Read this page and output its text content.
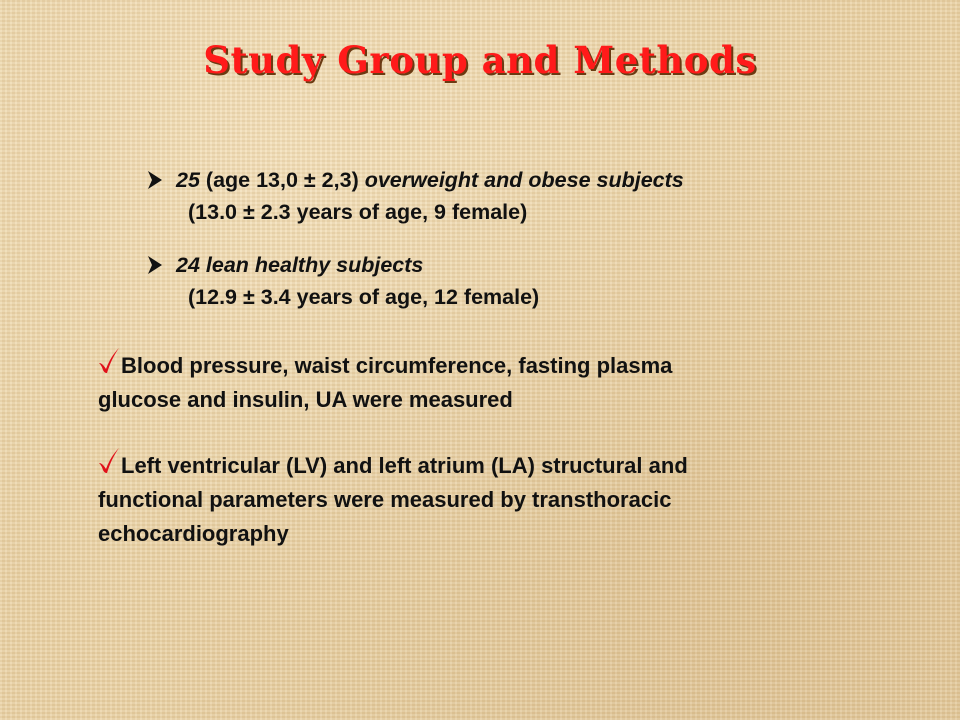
Study Group and Methods

25 (age 13,0 ± 2,3) overweight and obese subjects
(13.0 ± 2.3 years of age, 9 female)

24 lean healthy subjects
(12.9 ± 3.4 years of age, 12 female)

Blood pressure, waist circumference, fasting plasma
glucose and insulin, UA were measured

Left ventricular (LV) and left atrium (LA) structural and
functional parameters were measured by transthoracic
echocardiography
